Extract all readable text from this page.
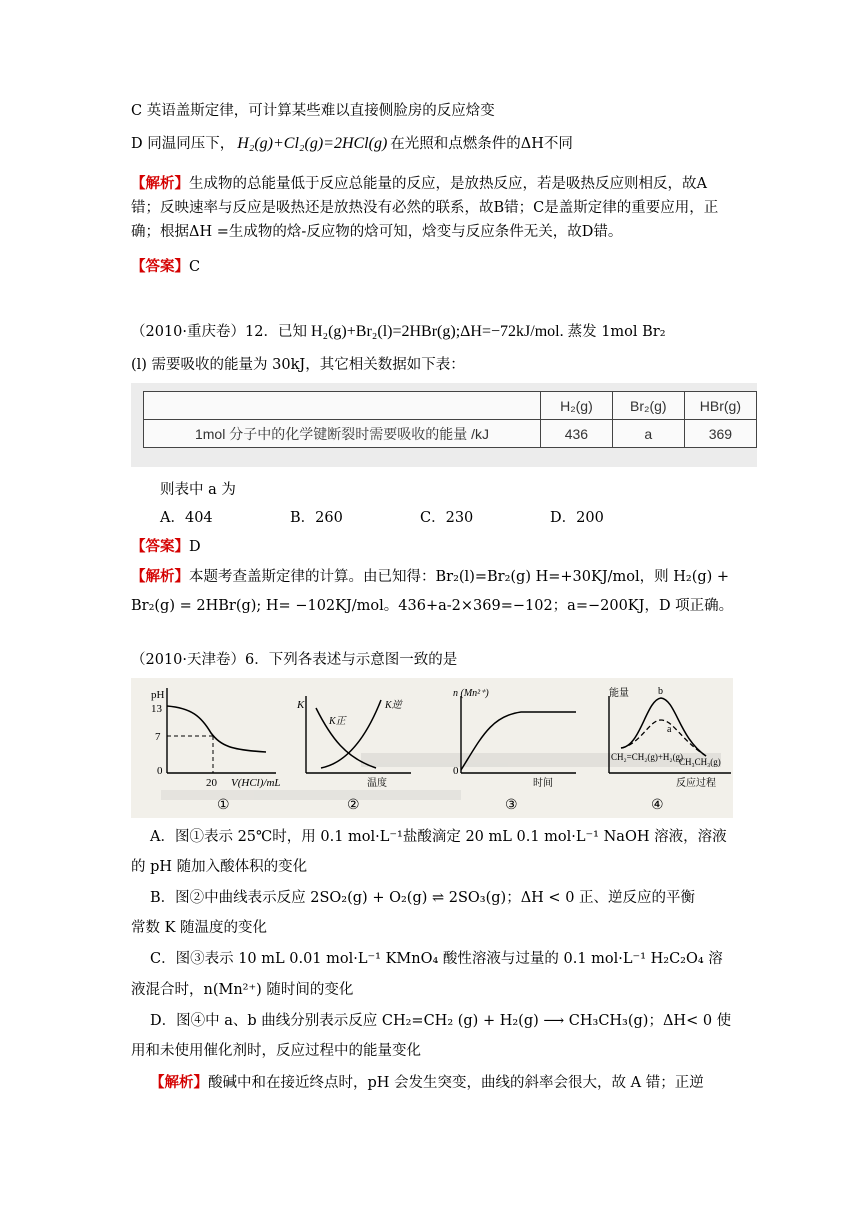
C 英语盖斯定律，可计算某些难以直接侧脸房的反应焓变
D 同温同压下， H₂(g)+Cl₂(g)=2HCl(g) 在光照和点燃条件的ΔH不同
【解析】生成物的总能量低于反应总能量的反应，是放热反应，若是吸热反应则相反，故A错；反映速率与反应是吸热还是放热没有必然的联系，故B错；C是盖斯定律的重要应用，正确；根据ΔH =生成物的焓-反应物的焓可知，焓变与反应条件无关，故D错。
【答案】C
（2010·重庆卷）12．已知 H₂(g)+Br₂(l)=2HBr(g);ΔH=−72kJ/mol. 蒸发 1mol Br₂
(l) 需要吸收的能量为 30kJ，其它相关数据如下表：
	H₂(g)	Br₂(g)	HBr(g)
1mol 分子中的化学键断裂时需要吸收的能量 /kJ	436	a	369
则表中 a 为
A．404	B．260	C．230	D．200
【答案】D
【解析】本题考查盖斯定律的计算。由已知得：Br₂(l)=Br₂(g) H=+30KJ/mol，则 H₂(g) +
Br₂(g) = 2HBr(g); H= −102KJ/mol。436+a-2×369=−102；a=−200KJ，D 项正确。
（2010·天津卷）6．下列各表述与示意图一致的是
pH
13
7
0
20 V(HCl)/mL
①
K
K正
K逆
温度
②
n (Mn²⁺)
0
时间
③
能量	b
a
CH₃CH₃(g)
CH₂=CH₂(g)+H₂(g)
反应过程
④
A．图①表示 25℃时，用 0.1 mol·L⁻¹盐酸滴定 20 mL 0.1 mol·L⁻¹ NaOH 溶液，溶液
的 pH 随加入酸体积的变化
B．图②中曲线表示反应 2SO₂(g) + O₂(g) ⇌ 2SO₃(g)；ΔH < 0 正、逆反应的平衡
常数 K 随温度的变化
C．图③表示 10 mL 0.01 mol·L⁻¹ KMnO₄ 酸性溶液与过量的 0.1 mol·L⁻¹ H₂C₂O₄ 溶
液混合时，n(Mn²⁺) 随时间的变化
D．图④中 a、b 曲线分别表示反应 CH₂=CH₂ (g) + H₂(g) ⟶ CH₃CH₃(g)；ΔH< 0 使
用和未使用催化剂时，反应过程中的能量变化
【解析】酸碱中和在接近终点时，pH 会发生突变，曲线的斜率会很大，故 A 错；正逆
